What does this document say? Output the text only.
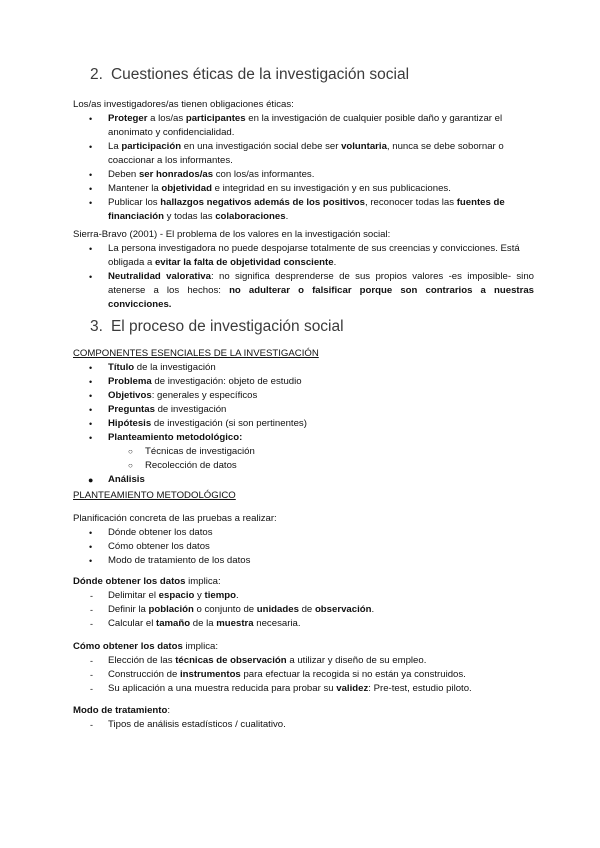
2. Cuestiones éticas de la investigación social
Los/as investigadores/as tienen obligaciones éticas:
• Proteger a los/as participantes en la investigación de cualquier posible daño y garantizar el anonimato y confidencialidad.
• La participación en una investigación social debe ser voluntaria, nunca se debe sobornar o coaccionar a los informantes.
• Deben ser honrados/as con los/as informantes.
• Mantener la objetividad e integridad en su investigación y en sus publicaciones.
• Publicar los hallazgos negativos además de los positivos, reconocer todas las fuentes de financiación y todas las colaboraciones.
Sierra-Bravo (2001) - El problema de los valores en la investigación social:
• La persona investigadora no puede despojarse totalmente de sus creencias y convicciones. Está obligada a evitar la falta de objetividad consciente.
• Neutralidad valorativa: no significa desprenderse de sus propios valores -es imposible- sino atenerse a los hechos: no adulterar o falsificar porque son contrarios a nuestras convicciones.
3. El proceso de investigación social
COMPONENTES ESENCIALES DE LA INVESTIGACIÓN
• Título de la investigación
• Problema de investigación: objeto de estudio
• Objetivos: generales y específicos
• Preguntas de investigación
• Hipótesis de investigación (si son pertinentes)
• Planteamiento metodológico:
○ Técnicas de investigación
○ Recolección de datos
● Análisis
PLANTEAMIENTO METODOLÓGICO
Planificación concreta de las pruebas a realizar:
• Dónde obtener los datos
• Cómo obtener los datos
• Modo de tratamiento de los datos
Dónde obtener los datos implica:
- Delimitar el espacio y tiempo.
- Definir la población o conjunto de unidades de observación.
- Calcular el tamaño de la muestra necesaria.
Cómo obtener los datos implica:
- Elección de las técnicas de observación a utilizar y diseño de su empleo.
- Construcción de instrumentos para efectuar la recogida si no están ya construidos.
- Su aplicación a una muestra reducida para probar su validez: Pre-test, estudio piloto.
Modo de tratamiento:
- Tipos de análisis estadísticos / cualitativo.
